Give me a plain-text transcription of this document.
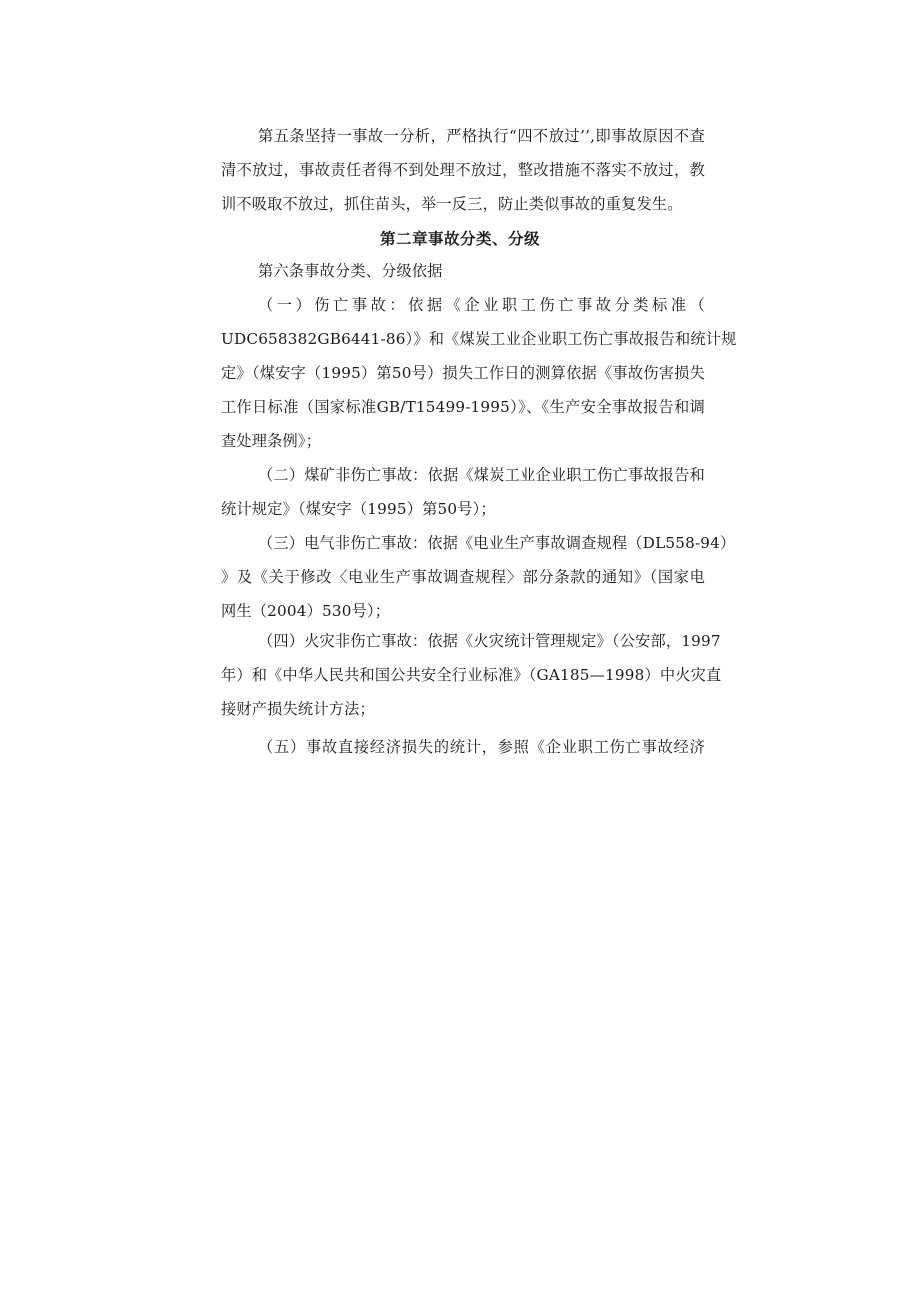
第五条坚持一事故一分析，严格执行“四不放过’’,即事故原因不查
清不放过，事故责任者得不到处理不放过，整改措施不落实不放过，教
训不吸取不放过，抓住苗头，举一反三，防止类似事故的重复发生。
第二章事故分类、分级
第六条事故分类、分级依据
（一）伤亡事故：依据《企业职工伤亡事故分类标准（
UDC658382GB6441-86）》和《煤炭工业企业职工伤亡事故报告和统计规
定》（煤安字（1995）第50号）损失工作日的测算依据《事故伤害损失
工作日标准（国家标准GB/T15499-1995）》、《生产安全事故报告和调
查处理条例》；
（二）煤矿非伤亡事故：依据《煤炭工业企业职工伤亡事故报告和
统计规定》（煤安字（1995）第50号）；
（三）电气非伤亡事故：依据《电业生产事故调查规程（DL558-94）
》及《关于修改〈电业生产事故调查规程〉部分条款的通知》（国家电
网生（2004）530号）；
（四）火灾非伤亡事故：依据《火灾统计管理规定》（公安部，1997
年）和《中华人民共和国公共安全行业标准》（GA185—1998）中火灾直
接财产损失统计方法；
（五）事故直接经济损失的统计，参照《企业职工伤亡事故经济
